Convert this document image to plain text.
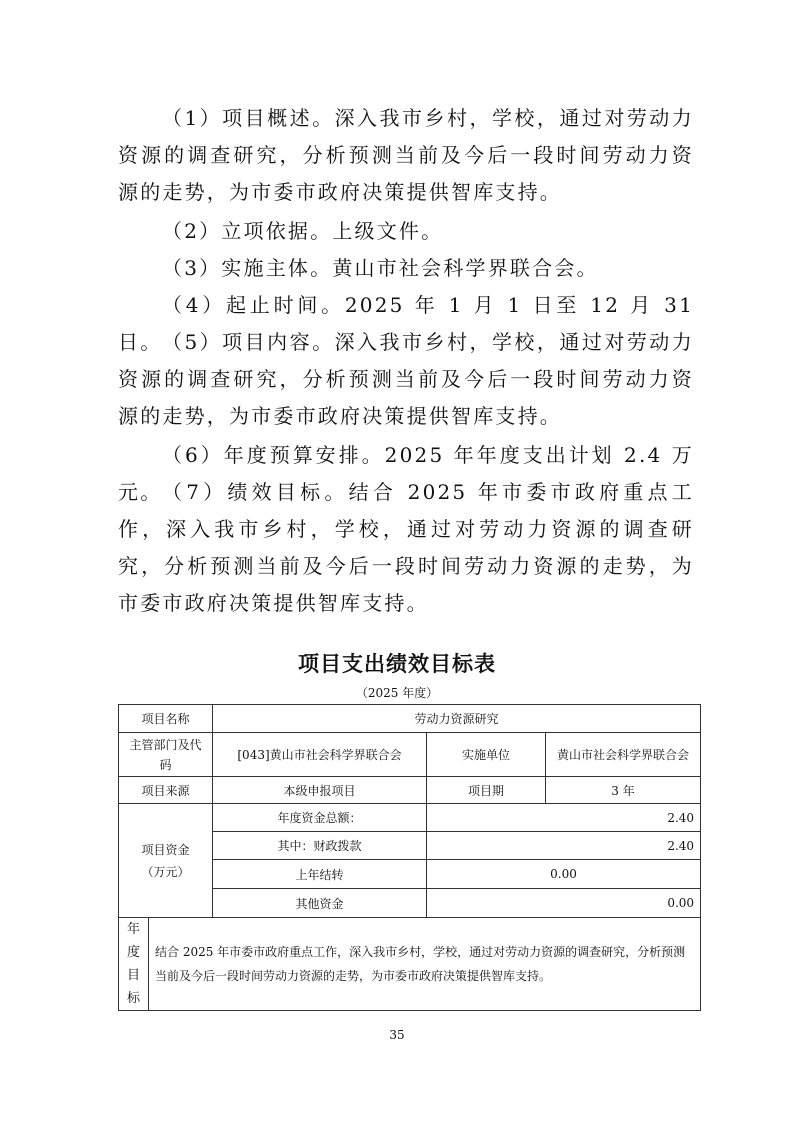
（1）项目概述。深入我市乡村，学校，通过对劳动力资源的调查研究，分析预测当前及今后一段时间劳动力资源的走势，为市委市政府决策提供智库支持。

（2）立项依据。上级文件。

（3）实施主体。黄山市社会科学界联合会。

（4）起止时间。2025 年 1 月 1 日至 12 月 31 日。 （5）项目内容。深入我市乡村，学校，通过对劳动力资源的调查研究，分析预测当前及今后一段时间劳动力资源的走势，为市委市政府决策提供智库支持。

（6）年度预算安排。2025 年年度支出计划 2.4 万元。 （7）绩效目标。结合 2025 年市委市政府重点工作，深入我市乡村，学校，通过对劳动力资源的调查研究，分析预测当前及今后一段时间劳动力资源的走势，为市委市政府决策提供智库支持。

项目支出绩效目标表
（2025 年度）
项目名称		劳动力资源研究		
主管部门及代码		[043]黄山市社会科学界联合会	实施单位	黄山市社会科学界联合会
项目来源		本级申报项目	项目期	3 年

项目资金
（万元）		年度资金总额：	2.40	
		其中：财政拨款	2.40	
		上年结转	0.00	
		其他资金	0.00	

年
度
目
标	结合 2025 年市委市政府重点工作，深入我市乡村，学校，通过对劳动力资源的调查研究，分析预测当前及今后一段时间劳动力资源的走势，为市委市政府决策提供智库支持。			
35
